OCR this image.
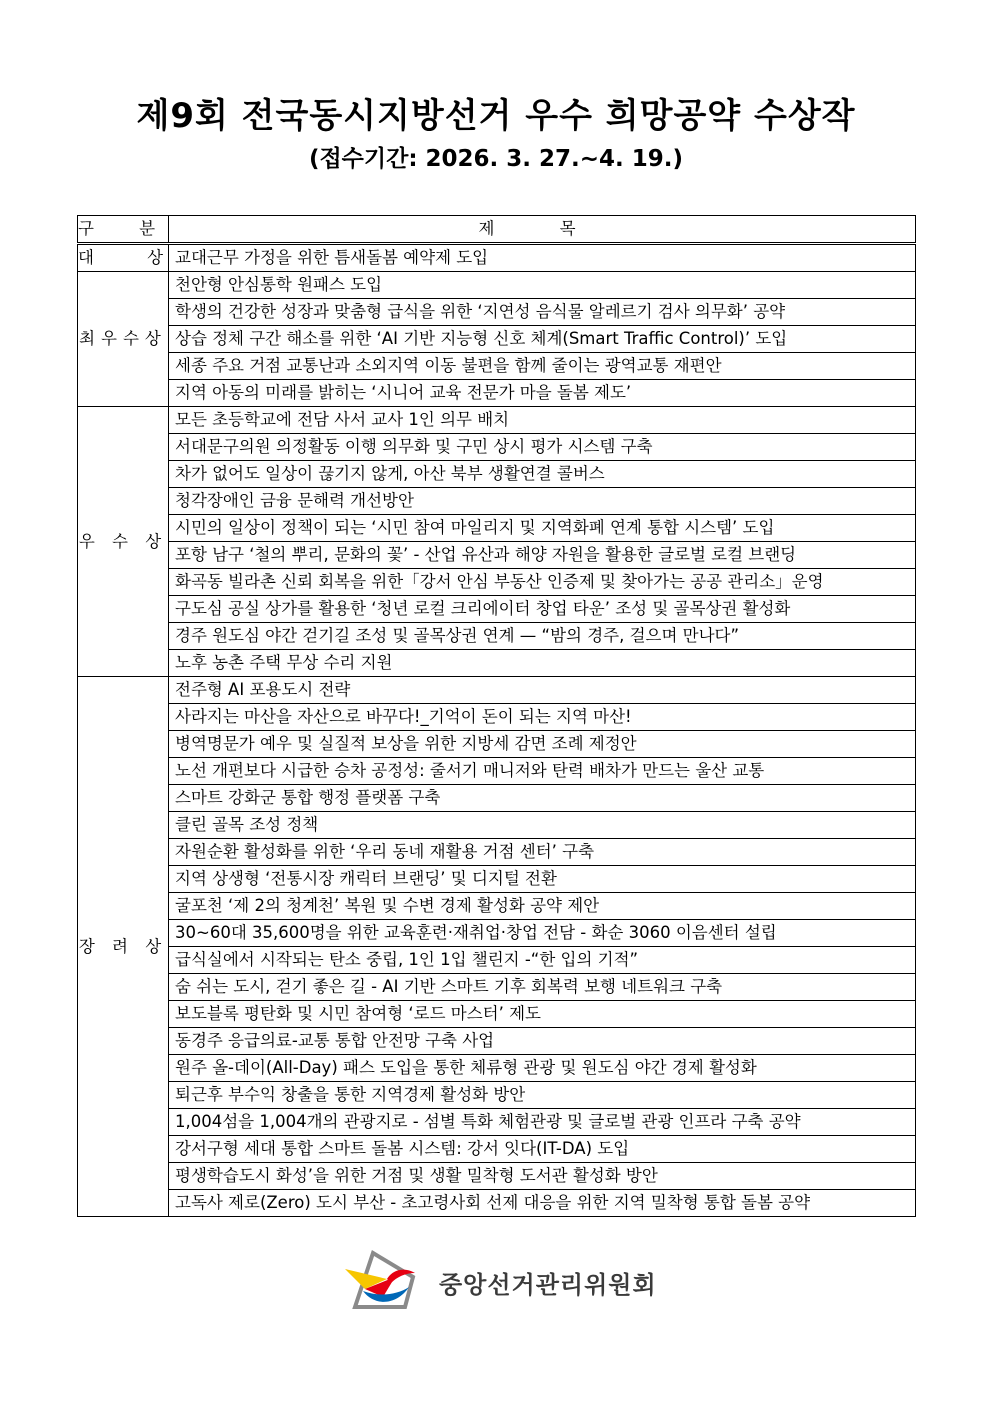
제9회 전국동시지방선거 우수 희망공약 수상작
(접수기간: 2026. 3. 27.~4. 19.)
구 분	제 목
대 상	교대근무 가정을 위한 틈새돌봄 예약제 도입
최우수상	천안형 안심통학 원패스 도입
	학생의 건강한 성장과 맞춤형 급식을 위한 ‘지연성 음식물 알레르기 검사 의무화’ 공약
	상습 정체 구간 해소를 위한 ‘AI 기반 지능형 신호 체계(Smart Traffic Control)’ 도입
	세종 주요 거점 교통난과 소외지역 이동 불편을 함께 줄이는 광역교통 재편안
	지역 아동의 미래를 밝히는 ‘시니어 교육 전문가 마을 돌봄 제도’
우 수 상	모든 초등학교에 전담 사서 교사 1인 의무 배치
	서대문구의원 의정활동 이행 의무화 및 구민 상시 평가 시스템 구축
	차가 없어도 일상이 끊기지 않게, 아산 북부 생활연결 콜버스
	청각장애인 금융 문해력 개선방안
	시민의 일상이 정책이 되는 ‘시민 참여 마일리지 및 지역화폐 연계 통합 시스템’ 도입
	포항 남구 ‘철의 뿌리, 문화의 꽃’ - 산업 유산과 해양 자원을 활용한 글로벌 로컬 브랜딩
	화곡동 빌라촌 신뢰 회복을 위한「강서 안심 부동산 인증제 및 찾아가는 공공 관리소」운영
	구도심 공실 상가를 활용한 ‘청년 로컬 크리에이터 창업 타운’ 조성 및 골목상권 활성화
	경주 원도심 야간 걷기길 조성 및 골목상권 연계 — “밤의 경주, 걸으며 만나다”
	노후 농촌 주택 무상 수리 지원
장 려 상	전주형 AI 포용도시 전략
	사라지는 마산을 자산으로 바꾸다!_기억이 돈이 되는 지역 마산!
	병역명문가 예우 및 실질적 보상을 위한 지방세 감면 조례 제정안
	노선 개편보다 시급한 승차 공정성: 줄서기 매니저와 탄력 배차가 만드는 울산 교통
	스마트 강화군 통합 행정 플랫폼 구축
	클린 골목 조성 정책
	자원순환 활성화를 위한 ‘우리 동네 재활용 거점 센터’ 구축
	지역 상생형 ‘전통시장 캐릭터 브랜딩’ 및 디지털 전환
	굴포천 ‘제 2의 청계천’ 복원 및 수변 경제 활성화 공약 제안
	30~60대 35,600명을 위한 교육훈련·재취업·창업 전담 - 화순 3060 이음센터 설립
	급식실에서 시작되는 탄소 중립, 1인 1입 챌린지 -“한 입의 기적”
	숨 쉬는 도시, 걷기 좋은 길 - AI 기반 스마트 기후 회복력 보행 네트워크 구축
	보도블록 평탄화 및 시민 참여형 ‘로드 마스터’ 제도
	동경주 응급의료-교통 통합 안전망 구축 사업
	원주 올-데이(All-Day) 패스 도입을 통한 체류형 관광 및 원도심 야간 경제 활성화
	퇴근후 부수익 창출을 통한 지역경제 활성화 방안
	1,004섬을 1,004개의 관광지로 - 섬별 특화 체험관광 및 글로벌 관광 인프라 구축 공약
	강서구형 세대 통합 스마트 돌봄 시스템: 강서 잇다(IT-DA) 도입
	평생학습도시 화성’을 위한 거점 및 생활 밀착형 도서관 활성화 방안
	고독사 제로(Zero) 도시 부산 - 초고령사회 선제 대응을 위한 지역 밀착형 통합 돌봄 공약
중앙선거관리위원회
